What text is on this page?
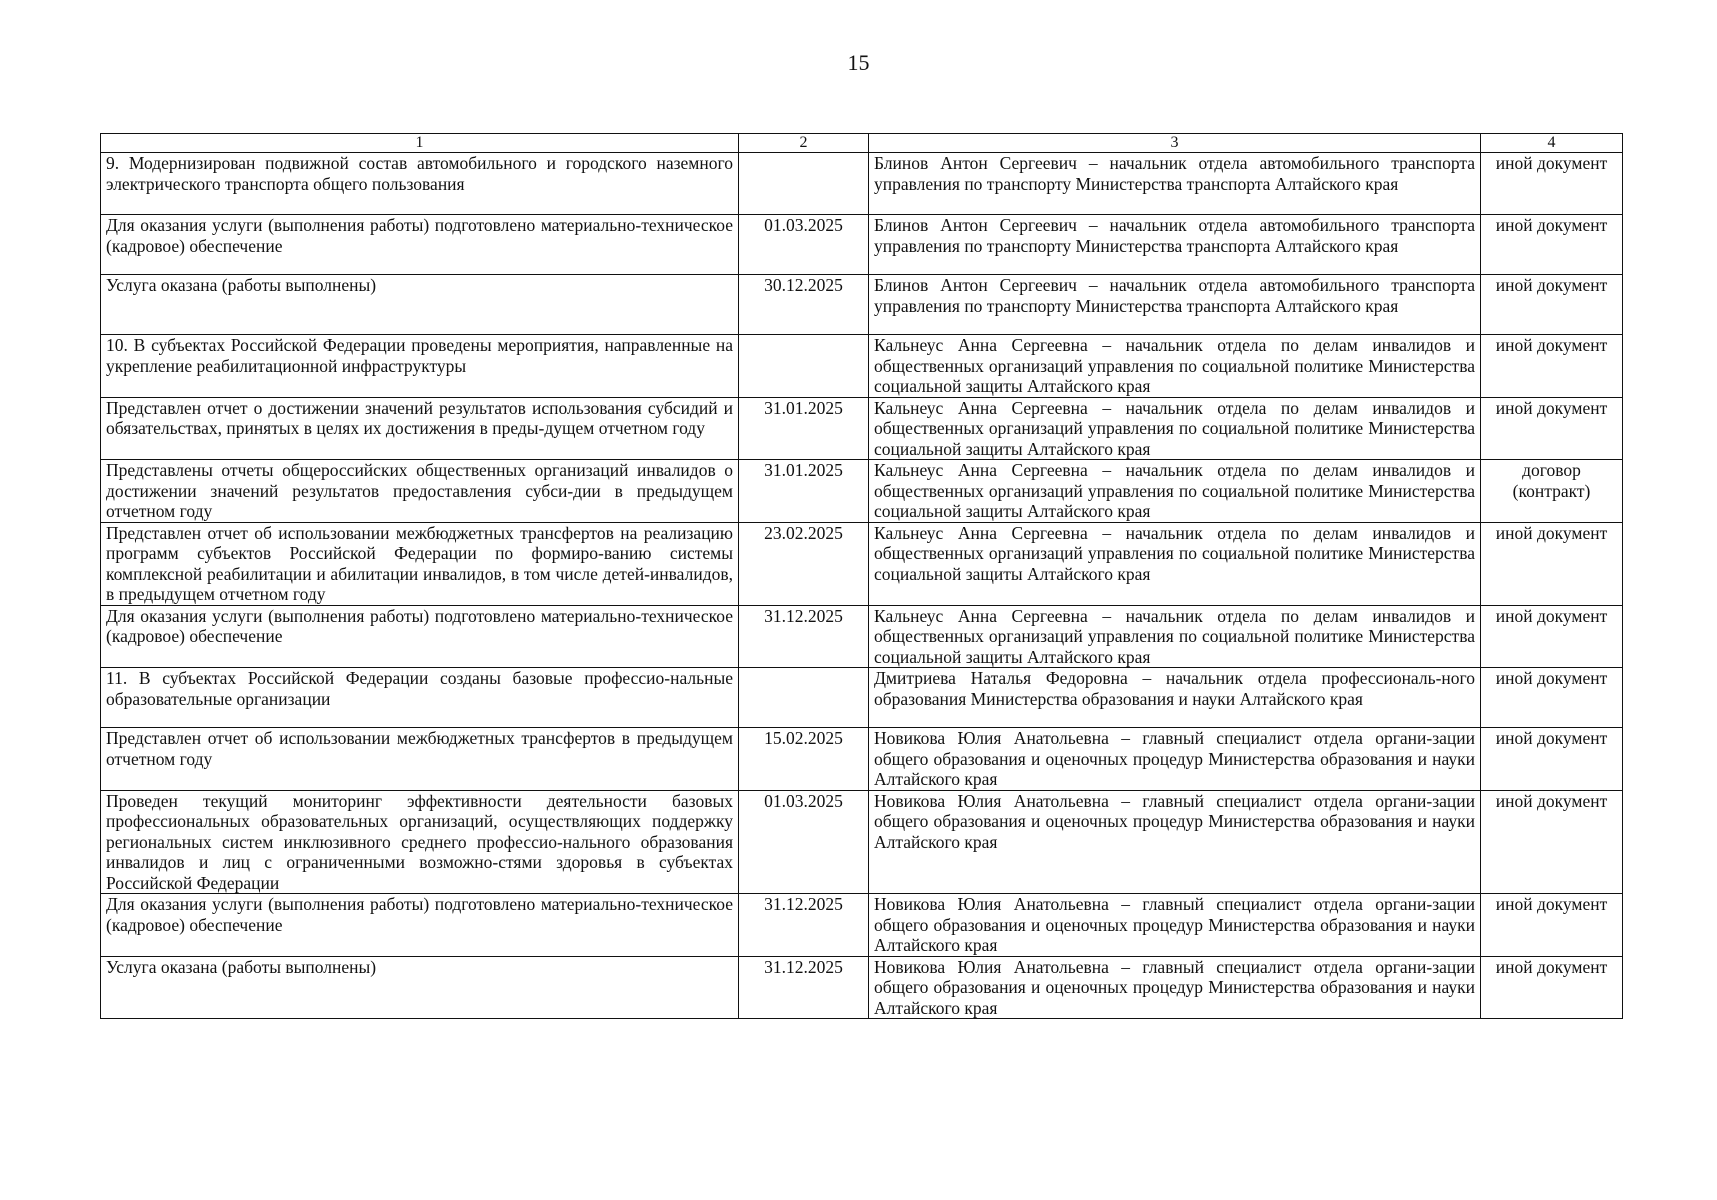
15
1	2	3	4
9. Модернизирован подвижной состав автомобильного и городского наземного электрического транспорта общего пользования		Блинов Антон Сергеевич – начальник отдела автомобильного транспорта управления по транспорту Министерства транспорта Алтайского края	иной документ
Для оказания услуги (выполнения работы) подготовлено материально-техническое (кадровое) обеспечение	01.03.2025	Блинов Антон Сергеевич – начальник отдела автомобильного транспорта управления по транспорту Министерства транспорта Алтайского края	иной документ
Услуга оказана (работы выполнены)	30.12.2025	Блинов Антон Сергеевич – начальник отдела автомобильного транспорта управления по транспорту Министерства транспорта Алтайского края	иной документ
10. В субъектах Российской Федерации проведены мероприятия, направленные на укрепление реабилитационной инфраструктуры		Кальнеус Анна Сергеевна – начальник отдела по делам инвалидов и общественных организаций управления по социальной политике Министерства социальной защиты Алтайского края	иной документ
Представлен отчет о достижении значений результатов использования субсидий и обязательствах, принятых в целях их достижения в преды-дущем отчетном году	31.01.2025	Кальнеус Анна Сергеевна – начальник отдела по делам инвалидов и общественных организаций управления по социальной политике Министерства социальной защиты Алтайского края	иной документ
Представлены отчеты общероссийских общественных организаций инвалидов о достижении значений результатов предоставления субси-дии в предыдущем отчетном году	31.01.2025	Кальнеус Анна Сергеевна – начальник отдела по делам инвалидов и общественных организаций управления по социальной политике Министерства социальной защиты Алтайского края	договор (контракт)
Представлен отчет об использовании межбюджетных трансфертов на реализацию программ субъектов Российской Федерации по формиро-ванию системы комплексной реабилитации и абилитации инвалидов, в том числе детей-инвалидов, в предыдущем отчетном году	23.02.2025	Кальнеус Анна Сергеевна – начальник отдела по делам инвалидов и общественных организаций управления по социальной политике Министерства социальной защиты Алтайского края	иной документ
Для оказания услуги (выполнения работы) подготовлено материально-техническое (кадровое) обеспечение	31.12.2025	Кальнеус Анна Сергеевна – начальник отдела по делам инвалидов и общественных организаций управления по социальной политике Министерства социальной защиты Алтайского края	иной документ
11. В субъектах Российской Федерации созданы базовые профессио-нальные образовательные организации		Дмитриева Наталья Федоровна – начальник отдела профессиональ-ного образования Министерства образования и науки Алтайского края	иной документ
Представлен отчет об использовании межбюджетных трансфертов в предыдущем отчетном году	15.02.2025	Новикова Юлия Анатольевна – главный специалист отдела органи-зации общего образования и оценочных процедур Министерства образования и науки Алтайского края	иной документ
Проведен текущий мониторинг эффективности деятельности базовых профессиональных образовательных организаций, осуществляющих поддержку региональных систем инклюзивного среднего профессио-нального образования инвалидов и лиц с ограниченными возможно-стями здоровья в субъектах Российской Федерации	01.03.2025	Новикова Юлия Анатольевна – главный специалист отдела органи-зации общего образования и оценочных процедур Министерства образования и науки Алтайского края	иной документ
Для оказания услуги (выполнения работы) подготовлено материально-техническое (кадровое) обеспечение	31.12.2025	Новикова Юлия Анатольевна – главный специалист отдела органи-зации общего образования и оценочных процедур Министерства образования и науки Алтайского края	иной документ
Услуга оказана (работы выполнены)	31.12.2025	Новикова Юлия Анатольевна – главный специалист отдела органи-зации общего образования и оценочных процедур Министерства образования и науки Алтайского края	иной документ
